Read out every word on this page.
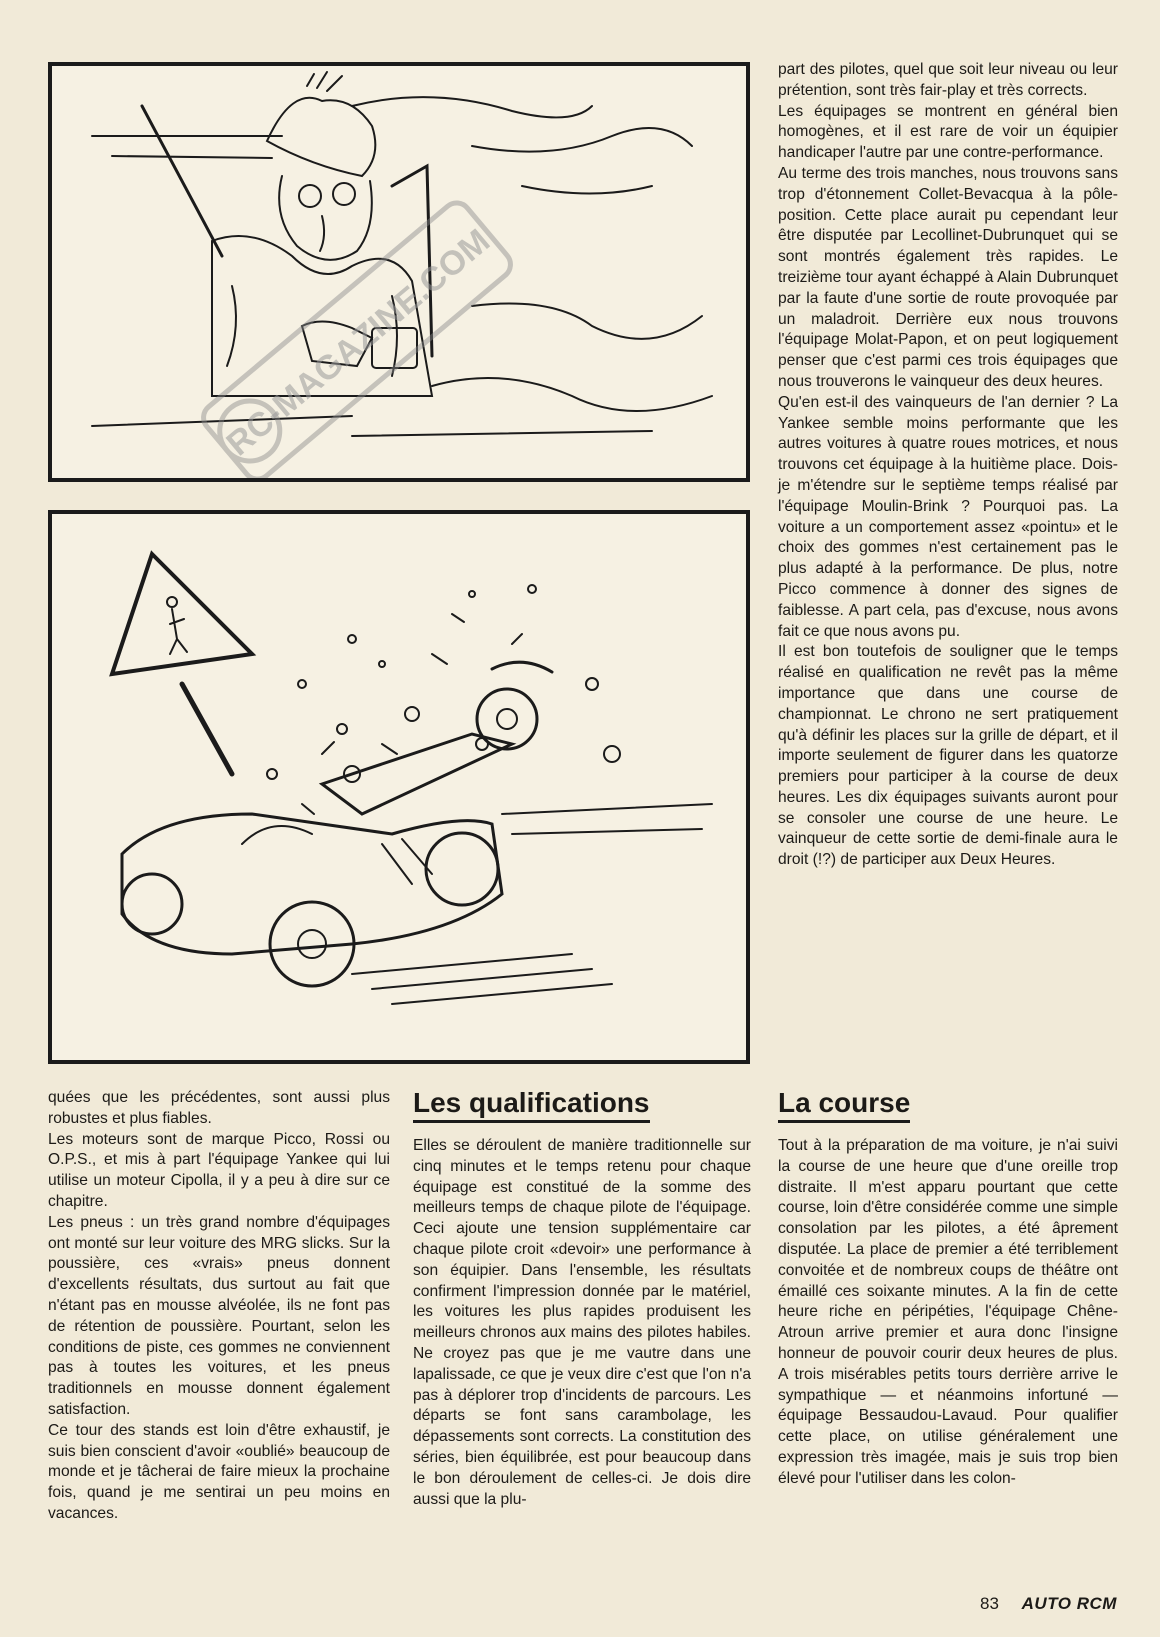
RC-MAGAZINE.COM

part des pilotes, quel que soit leur niveau ou leur prétention, sont très fair-play et très corrects.

Les équipages se montrent en général bien homogènes, et il est rare de voir un équipier handicaper l'autre par une contre-performance.

Au terme des trois manches, nous trouvons sans trop d'étonnement Collet-Bevacqua à la pôle-position. Cette place aurait pu cependant leur être disputée par Lecollinet-Dubrunquet qui se sont montrés également très rapides. Le treizième tour ayant échappé à Alain Dubrunquet par la faute d'une sortie de route provoquée par un maladroit. Derrière eux nous trouvons l'équipage Molat-Papon, et on peut logiquement penser que c'est parmi ces trois équipages que nous trouverons le vainqueur des deux heures.

Qu'en est-il des vainqueurs de l'an dernier ? La Yankee semble moins performante que les autres voitures à quatre roues motrices, et nous trouvons cet équipage à la huitième place. Dois-je m'étendre sur le septième temps réalisé par l'équipage Moulin-Brink ? Pourquoi pas. La voiture a un comportement assez «pointu» et le choix des gommes n'est certainement pas le plus adapté à la performance. De plus, notre Picco commence à donner des signes de faiblesse. A part cela, pas d'excuse, nous avons fait ce que nous avons pu.

Il est bon toutefois de souligner que le temps réalisé en qualification ne revêt pas la même importance que dans une course de championnat. Le chrono ne sert pratiquement qu'à définir les places sur la grille de départ, et il importe seulement de figurer dans les quatorze premiers pour participer à la course de deux heures. Les dix équipages suivants auront pour se consoler une course de une heure. Le vainqueur de cette sortie de demi-finale aura le droit (!?) de participer aux Deux Heures.

quées que les précédentes, sont aussi plus robustes et plus fiables.

Les moteurs sont de marque Picco, Rossi ou O.P.S., et mis à part l'équipage Yankee qui lui utilise un moteur Cipolla, il y a peu à dire sur ce chapitre.

Les pneus : un très grand nombre d'équipages ont monté sur leur voiture des MRG slicks. Sur la poussière, ces «vrais» pneus donnent d'excellents résultats, dus surtout au fait que n'étant pas en mousse alvéolée, ils ne font pas de rétention de poussière. Pourtant, selon les conditions de piste, ces gommes ne conviennent pas à toutes les voitures, et les pneus traditionnels en mousse donnent également satisfaction.

Ce tour des stands est loin d'être exhaustif, je suis bien conscient d'avoir «oublié» beaucoup de monde et je tâcherai de faire mieux la prochaine fois, quand je me sentirai un peu moins en vacances.

Les qualifications

Elles se déroulent de manière traditionnelle sur cinq minutes et le temps retenu pour chaque équipage est constitué de la somme des meilleurs temps de chaque pilote de l'équipage. Ceci ajoute une tension supplémentaire car chaque pilote croit «devoir» une performance à son équipier. Dans l'ensemble, les résultats confirment l'impression donnée par le matériel, les voitures les plus rapides produisent les meilleurs chronos aux mains des pilotes habiles. Ne croyez pas que je me vautre dans une lapalissade, ce que je veux dire c'est que l'on n'a pas à déplorer trop d'incidents de parcours. Les départs se font sans carambolage, les dépassements sont corrects. La constitution des séries, bien équilibrée, est pour beaucoup dans le bon déroulement de celles-ci. Je dois dire aussi que la plu-

La course

Tout à la préparation de ma voiture, je n'ai suivi la course de une heure que d'une oreille trop distraite. Il m'est apparu pourtant que cette course, loin d'être considérée comme une simple consolation par les pilotes, a été âprement disputée. La place de premier a été terriblement convoitée et de nombreux coups de théâtre ont émaillé ces soixante minutes. A la fin de cette heure riche en péripéties, l'équipage Chêne-Atroun arrive premier et aura donc l'insigne honneur de pouvoir courir deux heures de plus. A trois misérables petits tours derrière arrive le sympathique — et néanmoins infortuné — équipage Bessaudou-Lavaud. Pour qualifier cette place, on utilise généralement une expression très imagée, mais je suis trop bien élevé pour l'utiliser dans les colon-

83 AUTO RCM
